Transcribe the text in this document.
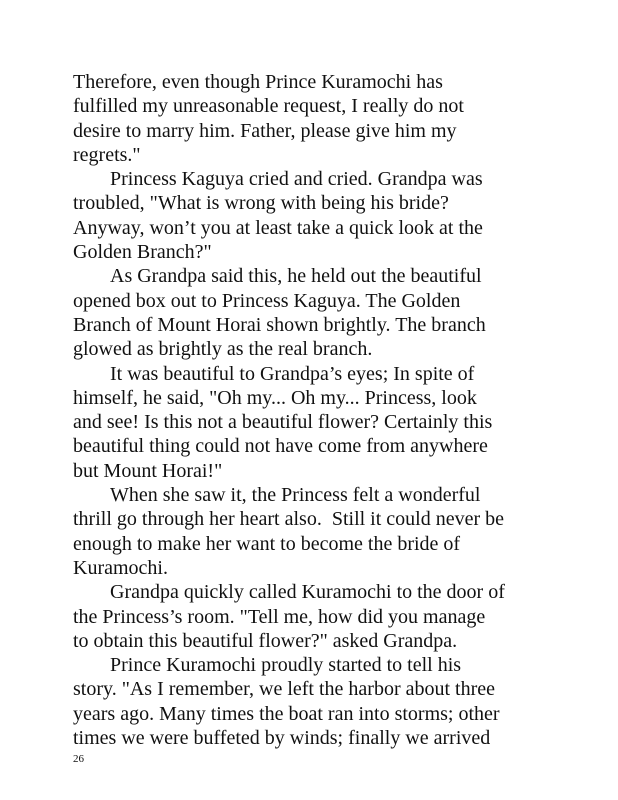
Therefore, even though Prince Kuramochi has
fulfilled my unreasonable request, I really do not
desire to marry him. Father, please give him my
regrets."
Princess Kaguya cried and cried. Grandpa was
troubled, "What is wrong with being his bride?
Anyway, won’t you at least take a quick look at the
Golden Branch?"
As Grandpa said this, he held out the beautiful
opened box out to Princess Kaguya. The Golden
Branch of Mount Horai shown brightly. The branch
glowed as brightly as the real branch.
It was beautiful to Grandpa’s eyes; In spite of
himself, he said, "Oh my... Oh my... Princess, look
and see! Is this not a beautiful flower? Certainly this
beautiful thing could not have come from anywhere
but Mount Horai!"
When she saw it, the Princess felt a wonderful
thrill go through her heart also.  Still it could never be
enough to make her want to become the bride of
Kuramochi.
Grandpa quickly called Kuramochi to the door of
the Princess’s room. "Tell me, how did you manage
to obtain this beautiful flower?" asked Grandpa.
Prince Kuramochi proudly started to tell his
story. "As I remember, we left the harbor about three
years ago. Many times the boat ran into storms; other
times we were buffeted by winds; finally we arrived
26
